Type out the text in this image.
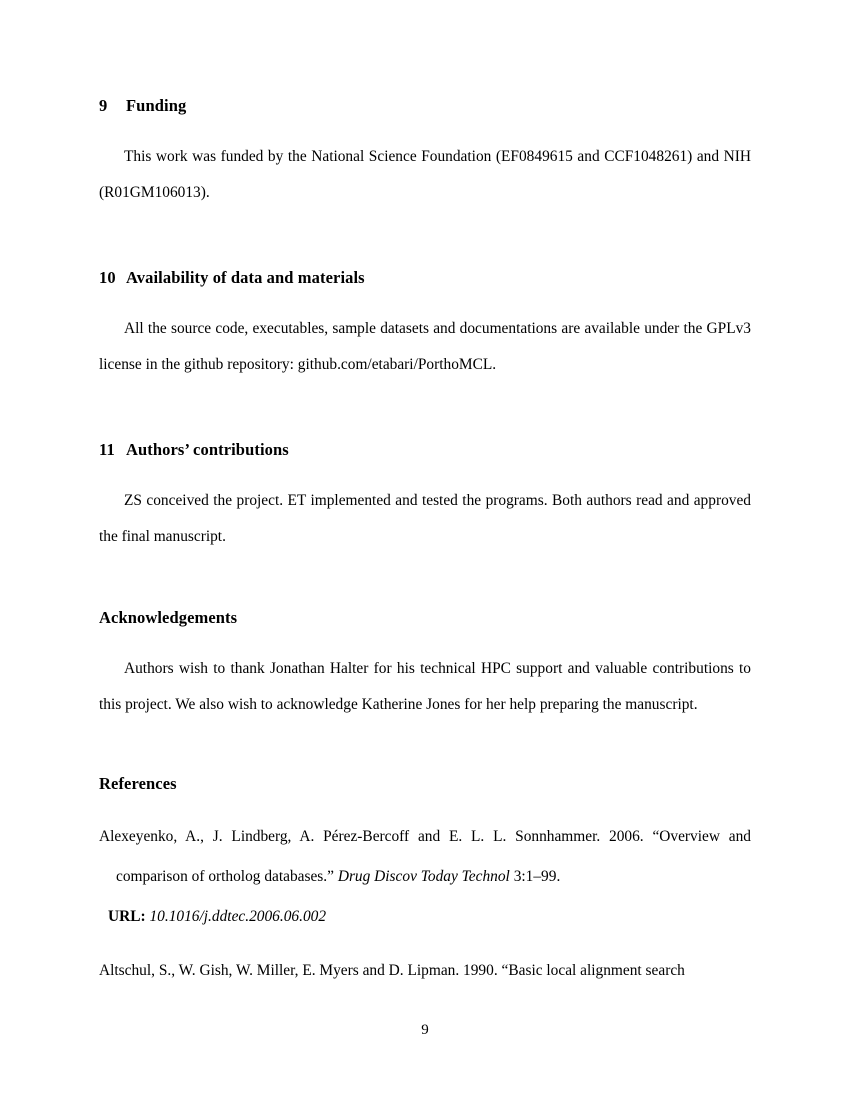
9	Funding

This work was funded by the National Science Foundation (EF0849615 and CCF1048261) and NIH (R01GM106013).

10 Availability of data and materials

All the source code, executables, sample datasets and documentations are available under the GPLv3 license in the github repository: github.com/etabari/PorthoMCL.

11 Authors’ contributions

ZS conceived the project. ET implemented and tested the programs. Both authors read and approved the final manuscript.

Acknowledgements

Authors wish to thank Jonathan Halter for his technical HPC support and valuable contributions to this project. We also wish to acknowledge Katherine Jones for her help preparing the manuscript.

References

Alexeyenko, A., J. Lindberg, A. Pérez-Bercoff and E. L. L. Sonnhammer. 2006. “Overview and comparison of ortholog databases.” Drug Discov Today Technol 3:1–99.

URL: 10.1016/j.ddtec.2006.06.002

Altschul, S., W. Gish, W. Miller, E. Myers and D. Lipman. 1990. “Basic local alignment search

9
